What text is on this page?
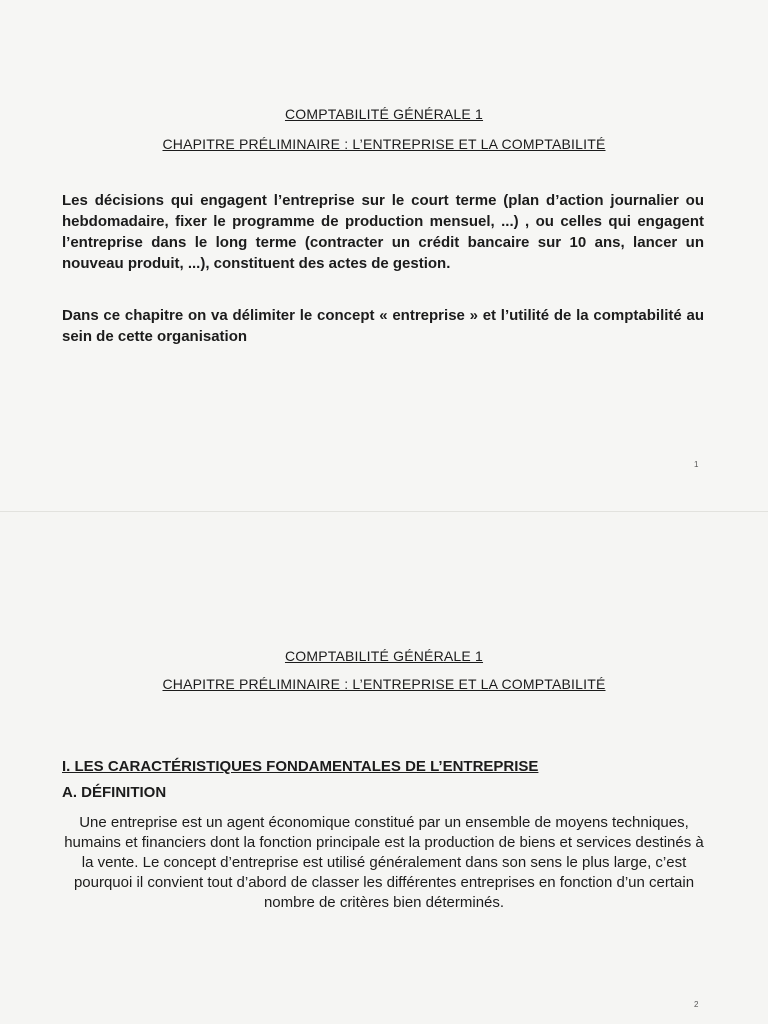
COMPTABILITÉ GÉNÉRALE 1
CHAPITRE PRÉLIMINAIRE : L’ENTREPRISE ET LA COMPTABILITÉ
Les décisions qui engagent l’entreprise sur le court terme (plan d’action journalier ou hebdomadaire, fixer le programme de production mensuel, ...) , ou celles qui engagent l’entreprise dans le long terme (contracter un crédit bancaire sur 10 ans, lancer un nouveau produit, ...), constituent des actes de gestion.
Dans ce chapitre on va délimiter le concept « entreprise » et l’utilité de la comptabilité au sein de cette organisation
1
COMPTABILITÉ GÉNÉRALE 1
CHAPITRE PRÉLIMINAIRE : L’ENTREPRISE ET LA COMPTABILITÉ
I. LES CARACTÉRISTIQUES FONDAMENTALES DE L’ENTREPRISE
A. DÉFINITION
Une entreprise est un agent économique constitué par un ensemble de moyens techniques, humains et financiers dont la fonction principale est la production de biens et services destinés à la vente. Le concept d’entreprise est utilisé généralement dans son sens le plus large, c’est pourquoi il convient tout d’abord de classer les différentes entreprises en fonction d’un certain nombre de critères bien déterminés.
2
